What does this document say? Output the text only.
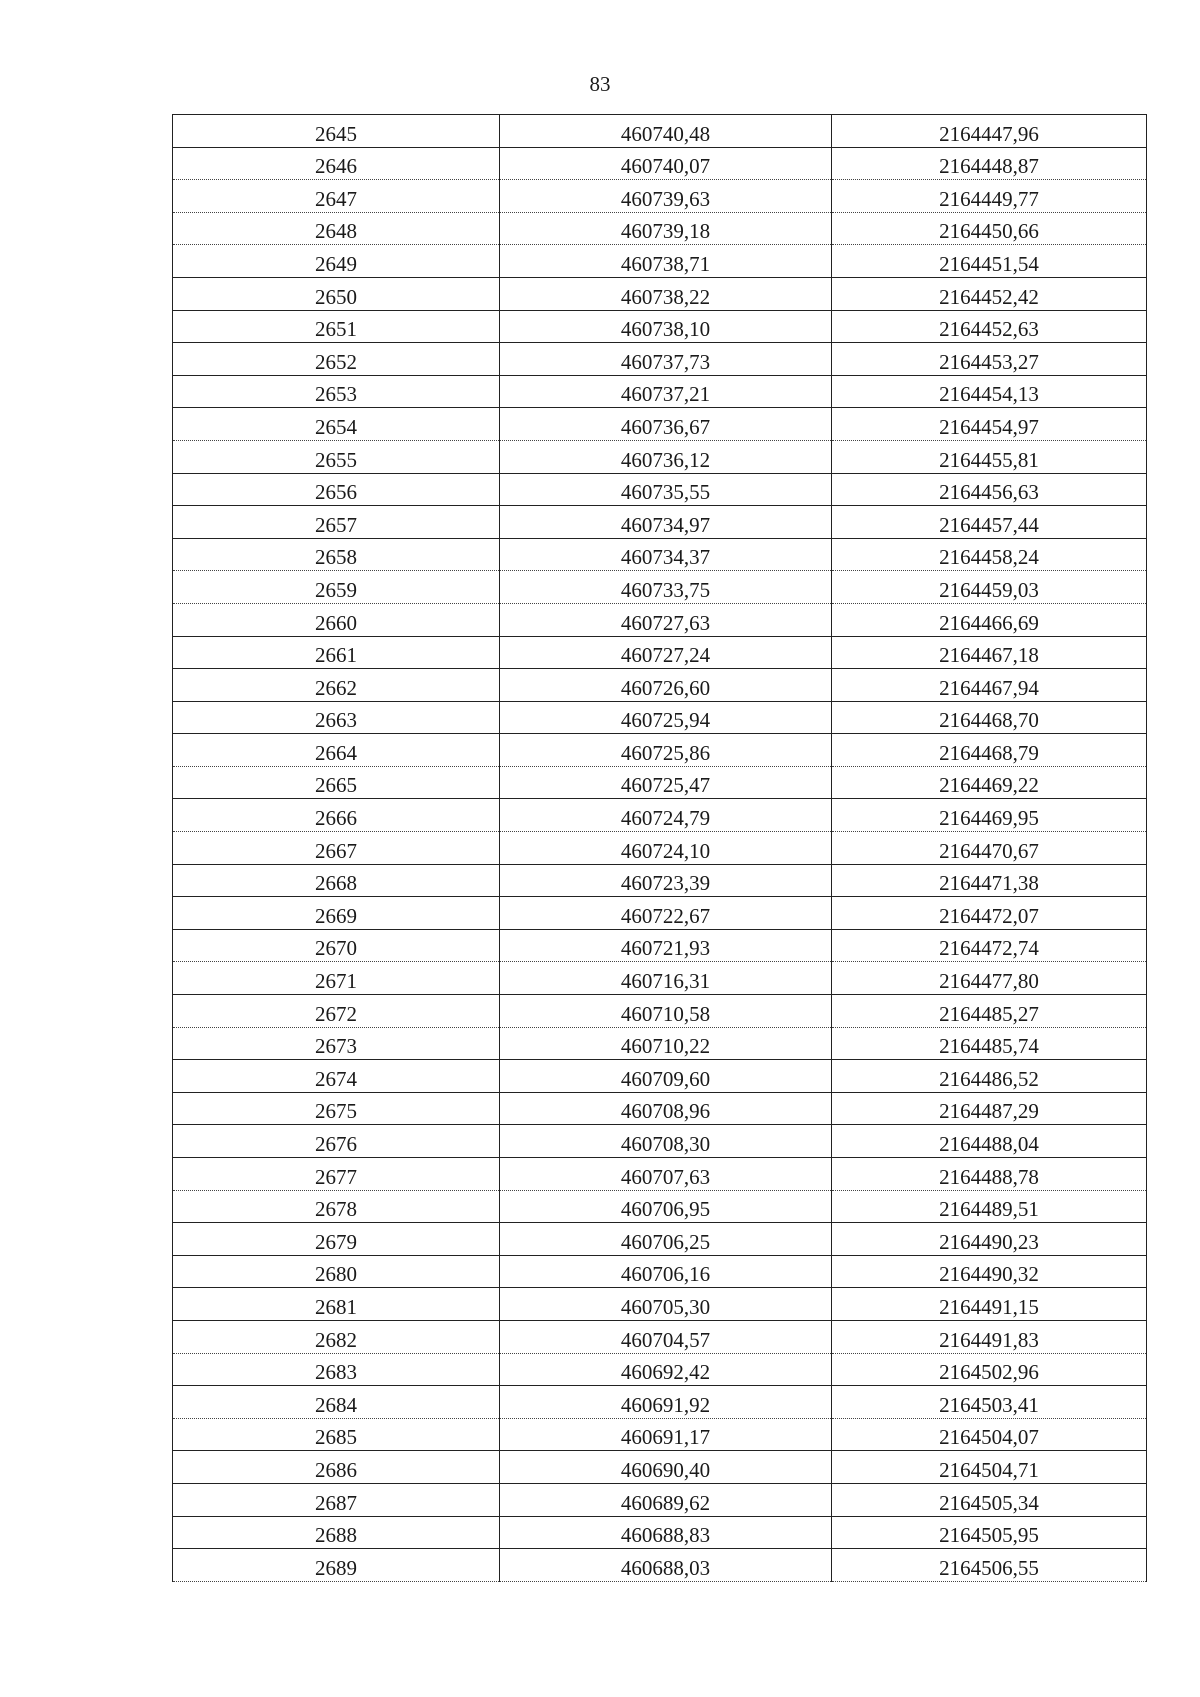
83
2645	460740,48	2164447,96
2646	460740,07	2164448,87
2647	460739,63	2164449,77
2648	460739,18	2164450,66
2649	460738,71	2164451,54
2650	460738,22	2164452,42
2651	460738,10	2164452,63
2652	460737,73	2164453,27
2653	460737,21	2164454,13
2654	460736,67	2164454,97
2655	460736,12	2164455,81
2656	460735,55	2164456,63
2657	460734,97	2164457,44
2658	460734,37	2164458,24
2659	460733,75	2164459,03
2660	460727,63	2164466,69
2661	460727,24	2164467,18
2662	460726,60	2164467,94
2663	460725,94	2164468,70
2664	460725,86	2164468,79
2665	460725,47	2164469,22
2666	460724,79	2164469,95
2667	460724,10	2164470,67
2668	460723,39	2164471,38
2669	460722,67	2164472,07
2670	460721,93	2164472,74
2671	460716,31	2164477,80
2672	460710,58	2164485,27
2673	460710,22	2164485,74
2674	460709,60	2164486,52
2675	460708,96	2164487,29
2676	460708,30	2164488,04
2677	460707,63	2164488,78
2678	460706,95	2164489,51
2679	460706,25	2164490,23
2680	460706,16	2164490,32
2681	460705,30	2164491,15
2682	460704,57	2164491,83
2683	460692,42	2164502,96
2684	460691,92	2164503,41
2685	460691,17	2164504,07
2686	460690,40	2164504,71
2687	460689,62	2164505,34
2688	460688,83	2164505,95
2689	460688,03	2164506,55
